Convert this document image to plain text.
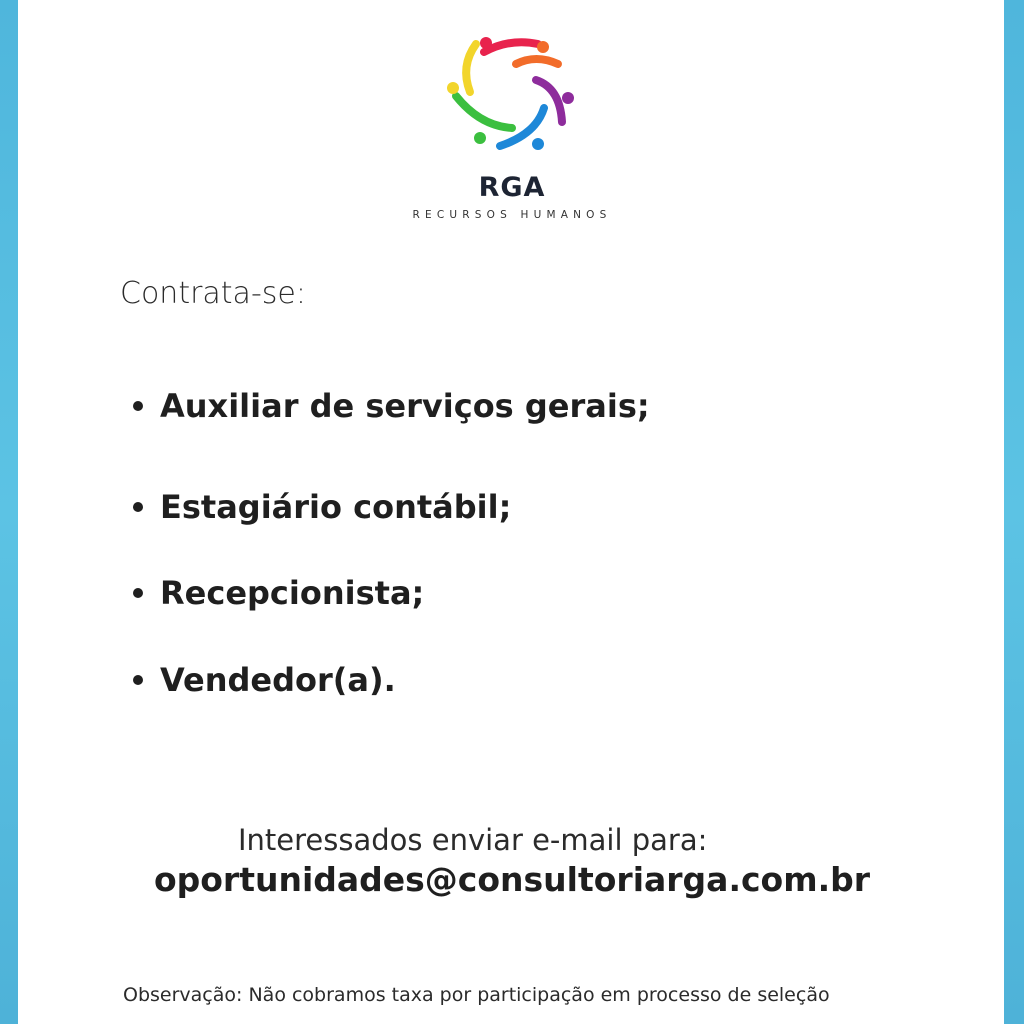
RGA
RECURSOS HUMANOS
Contrata-se:
Auxiliar de serviços gerais;
Estagiário contábil;
Recepcionista;
Vendedor(a).
Interessados enviar e-mail para:
oportunidades@consultoriarga.com.br
Observação: Não cobramos taxa por participação em processo de seleção
